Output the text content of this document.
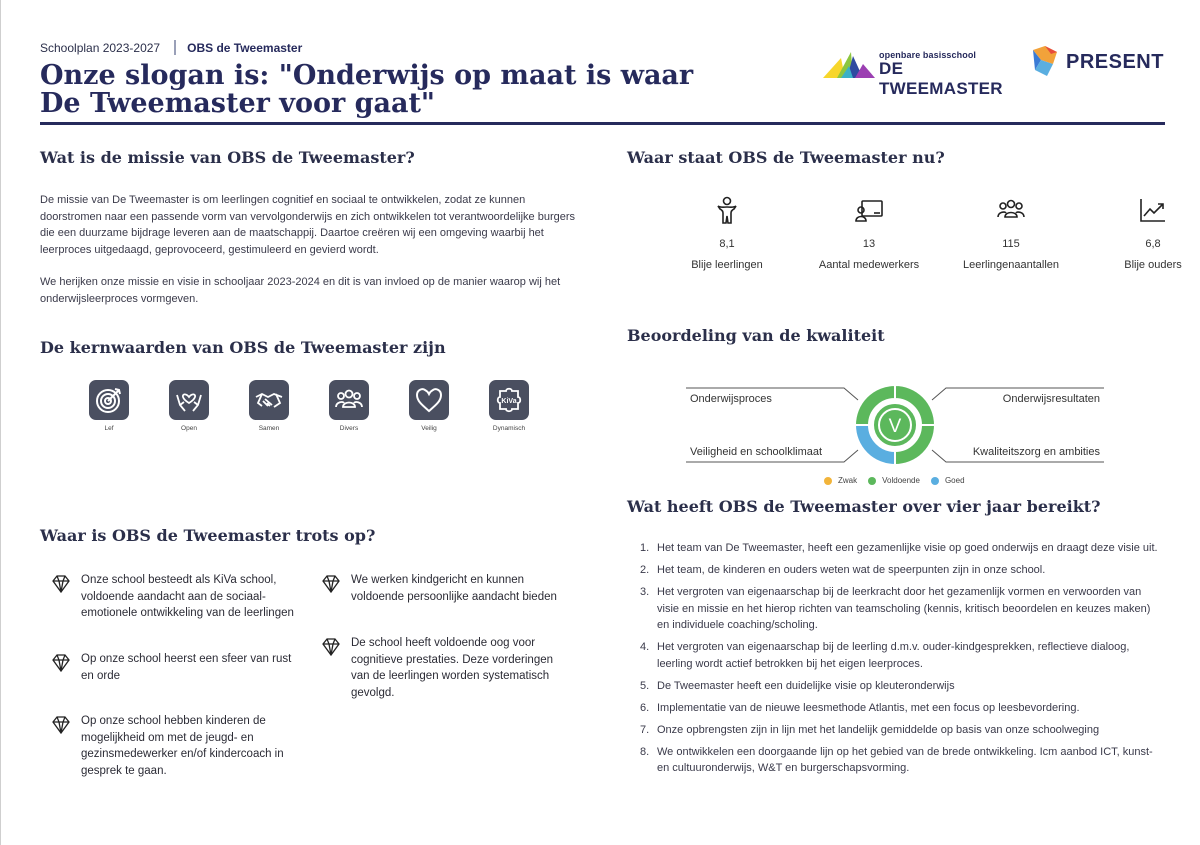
Schoolplan 2023-2027 OBS de Tweemaster
Onze slogan is: "Onderwijs op maat is waar De Tweemaster voor gaat"
openbare basisschool
DE TWEEMASTER
PRESENT
Wat is de missie van OBS de Tweemaster?

De missie van De Tweemaster is om leerlingen cognitief en sociaal te ontwikkelen, zodat ze kunnen doorstromen naar een passende vorm van vervolgonderwijs en zich ontwikkelen tot verantwoordelijke burgers die een duurzame bijdrage leveren aan de maatschappij. Daartoe creëren wij een omgeving waarbij het leerproces uitgedaagd, geprovoceerd, gestimuleerd en gevierd wordt.

We herijken onze missie en visie in schooljaar 2023-2024 en dit is van invloed op de manier waarop wij het onderwijsleerproces vormgeven.

De kernwaarden van OBS de Tweemaster zijn
Lef	Open	Samen	Divers	Veilig
KiVa
Dynamisch
Waar is OBS de Tweemaster trots op?
Onze school besteedt als KiVa school, voldoende aandacht aan de sociaal-emotionele ontwikkeling van de leerlingen
Op onze school heerst een sfeer van rust en orde
Op onze school hebben kinderen de mogelijkheid om met de jeugd- en gezinsmedewerker en/of kindercoach in gesprek te gaan.
We werken kindgericht en kunnen voldoende persoonlijke aandacht bieden
De school heeft voldoende oog voor cognitieve prestaties. Deze vorderingen van de leerlingen worden systematisch gevolgd.
Waar staat OBS de Tweemaster nu?
8,1
Blije leerlingen
13
Aantal medewerkers
115
Leerlingenaantallen
6,8
Blije ouders
Beoordeling van de kwaliteit
V
Onderwijsproces	Onderwijsresultaten
Veiligheid en schoolklimaat	Kwaliteitszorg en ambities
Zwak	Voldoende	Goed
Wat heeft OBS de Tweemaster over vier jaar bereikt?
1. Het team van De Tweemaster, heeft een gezamenlijke visie op goed onderwijs en draagt deze visie uit.
2. Het team, de kinderen en ouders weten wat de speerpunten zijn in onze school.
3. Het vergroten van eigenaarschap bij de leerkracht door het gezamenlijk vormen en verwoorden van visie en missie en het hierop richten van teamscholing (kennis, kritisch beoordelen en keuzes maken) en individuele coaching/scholing.
4. Het vergroten van eigenaarschap bij de leerling d.m.v. ouder-kindgesprekken, reflectieve dialoog, leerling wordt actief betrokken bij het eigen leerproces.
5. De Tweemaster heeft een duidelijke visie op kleuteronderwijs
6. Implementatie van de nieuwe leesmethode Atlantis, met een focus op leesbevordering.
7. Onze opbrengsten zijn in lijn met het landelijk gemiddelde op basis van onze schoolweging
8. We ontwikkelen een doorgaande lijn op het gebied van de brede ontwikkeling. Icm aanbod ICT, kunst- en cultuuronderwijs, W&T en burgerschapsvorming.
